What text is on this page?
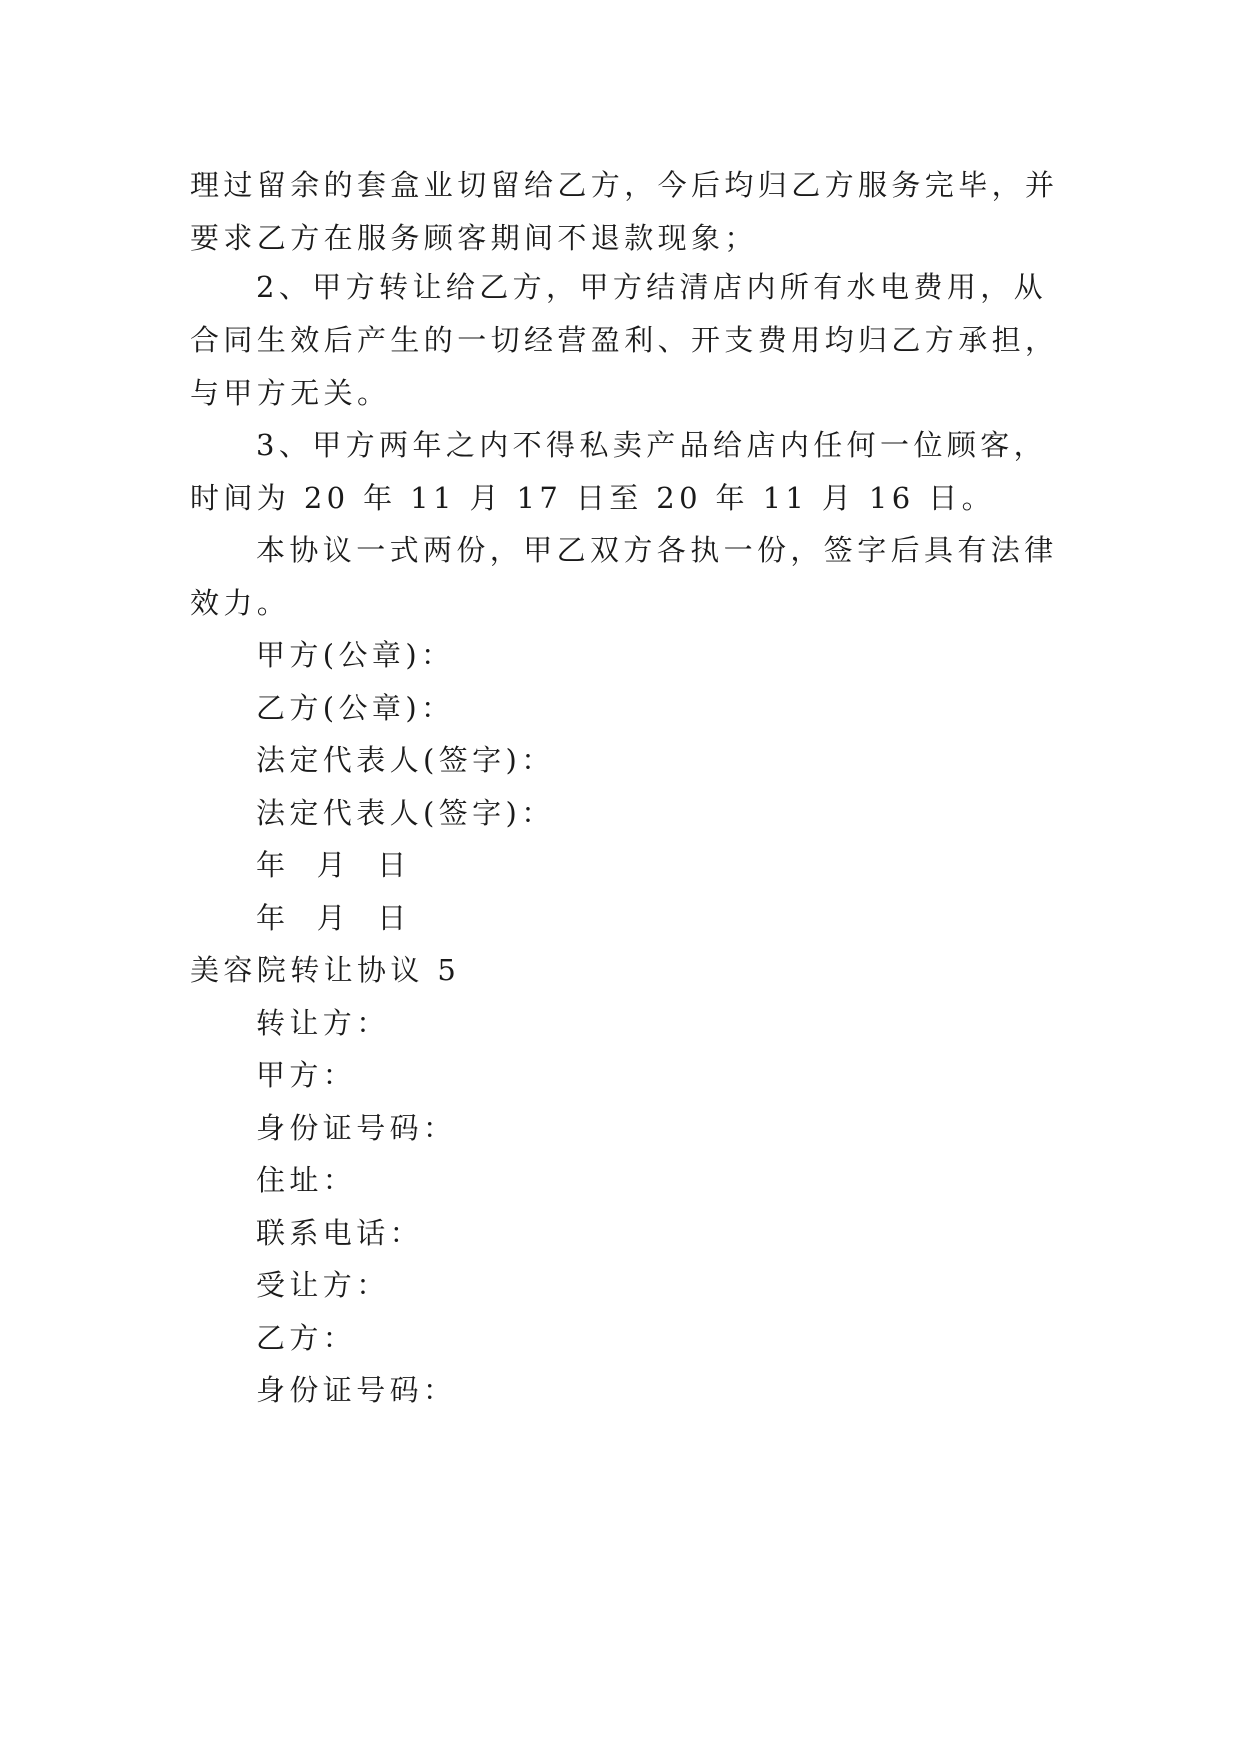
理过留余的套盒业切留给乙方，今后均归乙方服务完毕，并
要求乙方在服务顾客期间不退款现象；
2、甲方转让给乙方，甲方结清店内所有水电费用，从
合同生效后产生的一切经营盈利、开支费用均归乙方承担，
与甲方无关。
3、甲方两年之内不得私卖产品给店内任何一位顾客，
时间为 20 年 11 月 17 日至 20 年 11 月 16 日。
本协议一式两份，甲乙双方各执一份，签字后具有法律
效力。
甲方(公章)：
乙方(公章)：
法定代表人(签字)：
法定代表人(签字)：
年  月  日
年  月  日
美容院转让协议 5
转让方：
甲方：
身份证号码：
住址：
联系电话：
受让方：
乙方：
身份证号码：
